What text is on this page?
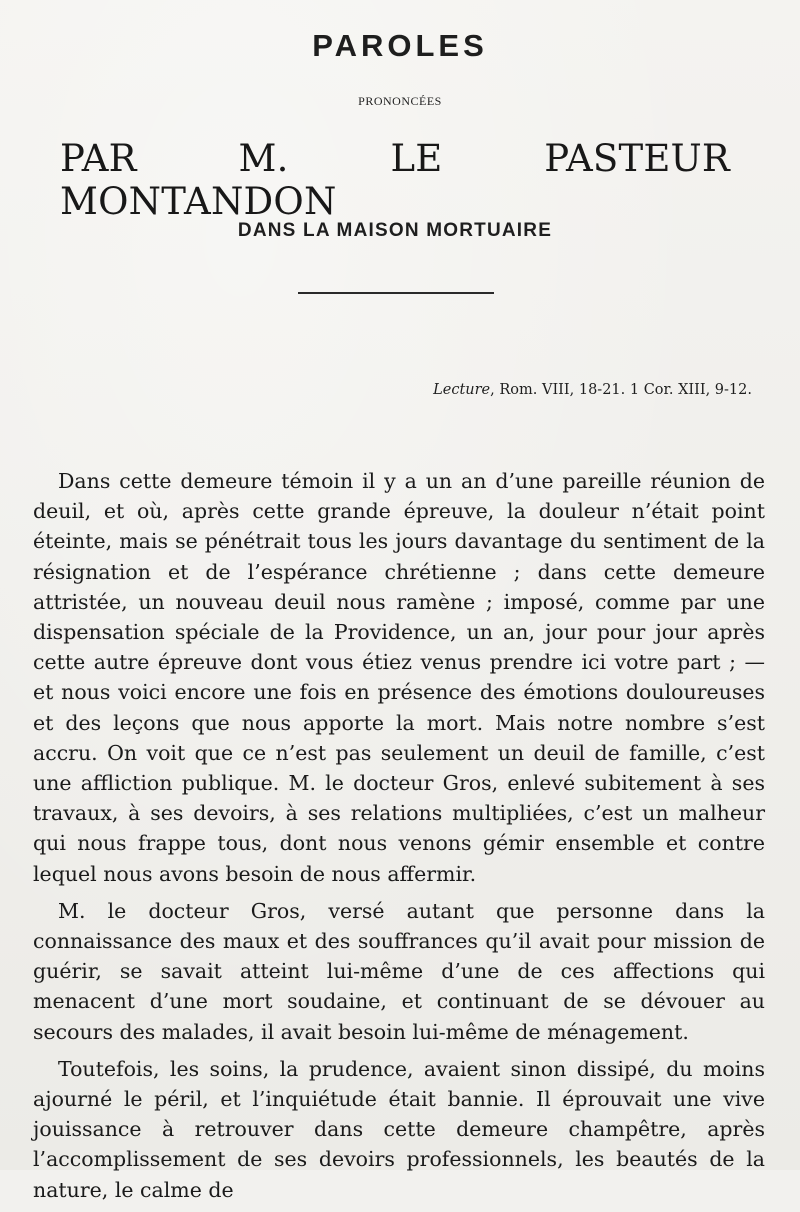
PAROLES
PRONONCÉES
PAR M. LE PASTEUR MONTANDON
DANS LA MAISON MORTUAIRE
Lecture, Rom. VIII, 18-21. 1 Cor. XIII, 9-12.

Dans cette demeure témoin il y a un an d’une pareille réunion de deuil, et où, après cette grande épreuve, la douleur n’était point éteinte, mais se pénétrait tous les jours davantage du sentiment de la résignation et de l’espérance chrétienne ; dans cette demeure attristée, un nouveau deuil nous ramène ; imposé, comme par une dispensation spéciale de la Providence, un an, jour pour jour après cette autre épreuve dont vous étiez venus prendre ici votre part ; — et nous voici encore une fois en présence des émotions douloureuses et des leçons que nous apporte la mort. Mais notre nombre s’est accru. On voit que ce n’est pas seulement un deuil de famille, c’est une affliction publique. M. le docteur Gros, enlevé subitement à ses travaux, à ses devoirs, à ses relations multipliées, c’est un malheur qui nous frappe tous, dont nous venons gémir ensemble et contre lequel nous avons besoin de nous affermir.

M. le docteur Gros, versé autant que personne dans la connaissance des maux et des souffrances qu’il avait pour mission de guérir, se savait atteint lui-même d’une de ces affections qui menacent d’une mort soudaine, et continuant de se dévouer au secours des malades, il avait besoin lui-même de ménagement.

Toutefois, les soins, la prudence, avaient sinon dissipé, du moins ajourné le péril, et l’inquiétude était bannie. Il éprouvait une vive jouissance à retrouver dans cette demeure champêtre, après l’accomplissement de ses devoirs professionnels, les beautés de la nature, le calme de
